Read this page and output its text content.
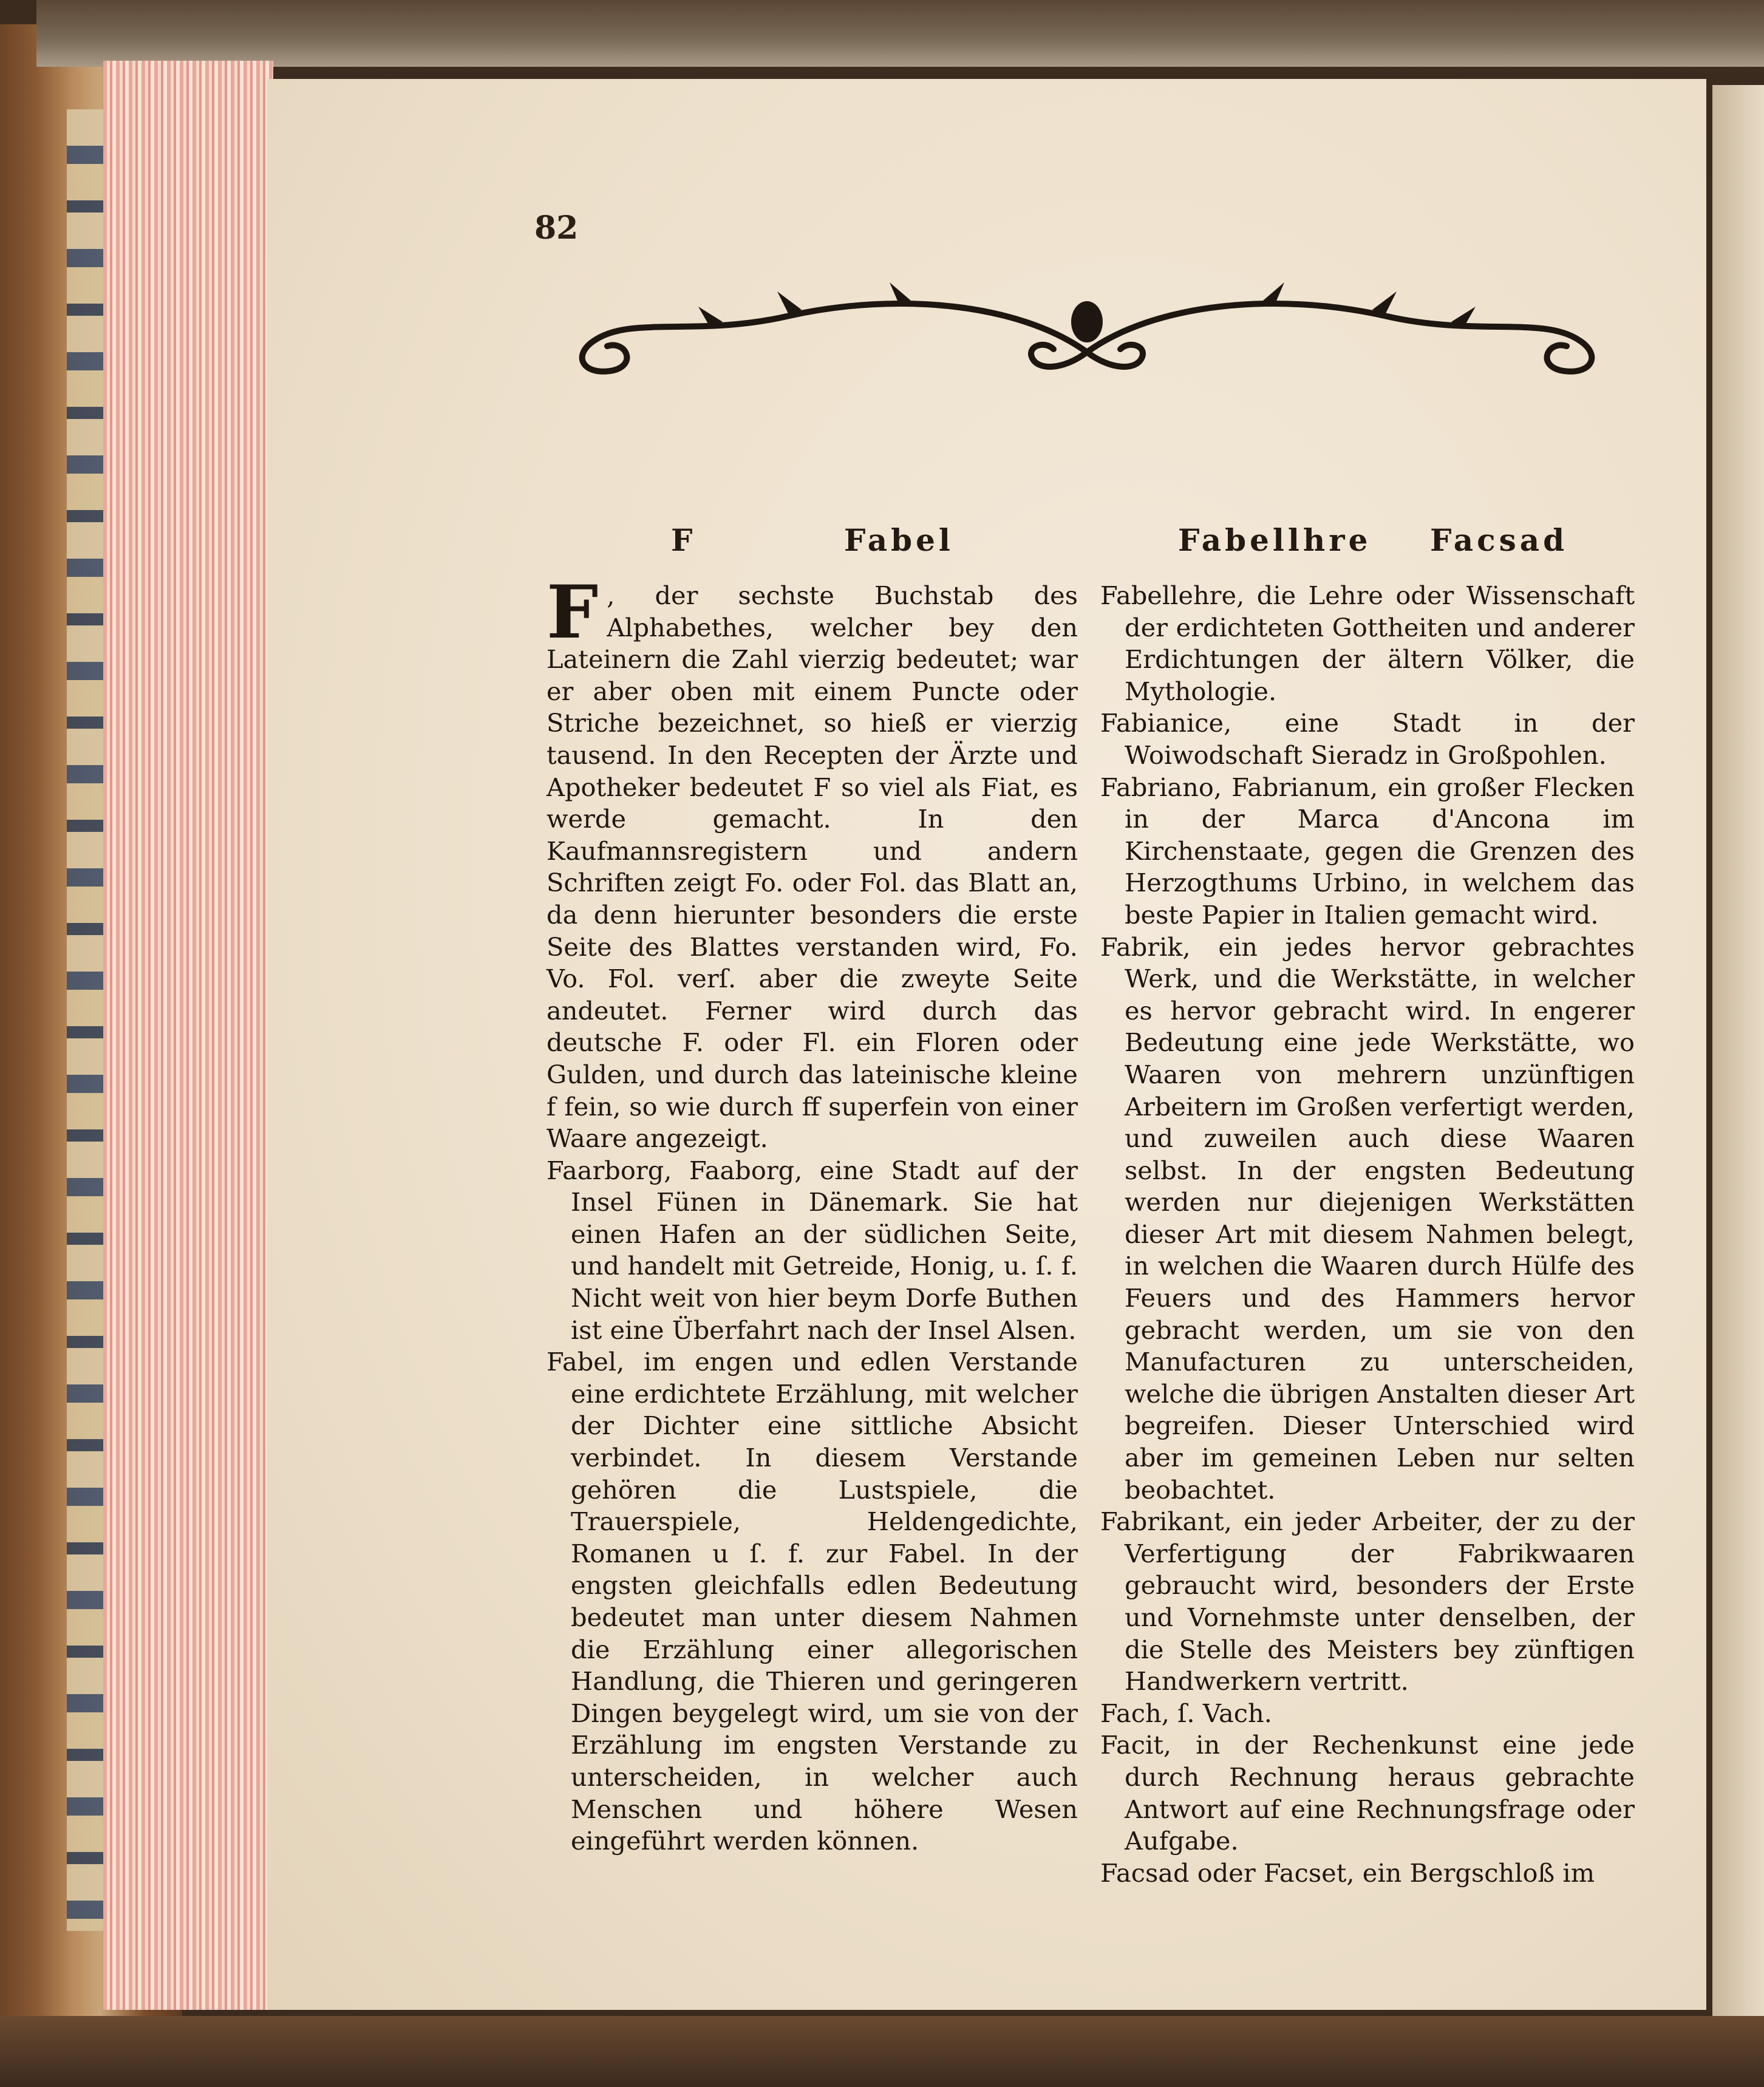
82
F	Fabel	Fabellhre Facsad

F , der sechste Buchstab des Alphabethes, welcher bey den Lateinern die Zahl vierzig bedeutet; war er aber oben mit einem Puncte oder Striche bezeichnet, so hieß er vierzig tausend. In den Recepten der Ärzte und Apotheker bedeutet F so viel als Fiat, es werde gemacht. In den Kaufmannsregistern und andern Schriften zeigt Fo. oder Fol. das Blatt an, da denn hierunter besonders die erste Seite des Blattes verstanden wird, Fo. Vo. Fol. verſ. aber die zweyte Seite andeutet. Ferner wird durch das deutsche F. oder Fl. ein Floren oder Gulden, und durch das lateinische kleine f fein, so wie durch ff superfein von einer Waare angezeigt.

Faarborg, Faaborg, eine Stadt auf der Insel Fünen in Dänemark. Sie hat einen Hafen an der südlichen Seite, und handelt mit Getreide, Honig, u. ſ. f. Nicht weit von hier beym Dorfe Buthen ist eine Überfahrt nach der Insel Alsen.

Fabel, im engen und edlen Verstande eine erdichtete Erzählung, mit welcher der Dichter eine sittliche Absicht verbindet. In diesem Verstande gehören die Lustspiele, die Trauerspiele, Heldengedichte, Romanen u ſ. f. zur Fabel. In der engsten gleichfalls edlen Bedeutung bedeutet man unter diesem Nahmen die Erzählung einer allegorischen Handlung, die Thieren und geringeren Dingen beygelegt wird, um sie von der Erzählung im engsten Verstande zu unterscheiden, in welcher auch Menschen und höhere Wesen eingeführt werden können.

Fabellehre, die Lehre oder Wissenschaft der erdichteten Gottheiten und anderer Erdichtungen der ältern Völker, die Mythologie.

Fabianice, eine Stadt in der Woiwodschaft Sieradz in Großpohlen.

Fabriano, Fabrianum, ein großer Flecken in der Marca d'Ancona im Kirchenstaate, gegen die Grenzen des Herzogthums Urbino, in welchem das beste Papier in Italien gemacht wird.

Fabrik, ein jedes hervor gebrachtes Werk, und die Werkstätte, in welcher es hervor gebracht wird. In engerer Bedeutung eine jede Werkstätte, wo Waaren von mehrern unzünftigen Arbeitern im Großen verfertigt werden, und zuweilen auch diese Waaren selbst. In der engsten Bedeutung werden nur diejenigen Werkstätten dieser Art mit diesem Nahmen belegt, in welchen die Waaren durch Hülfe des Feuers und des Hammers hervor gebracht werden, um sie von den Manufacturen zu unterscheiden, welche die übrigen Anstalten dieser Art begreifen. Dieser Unterschied wird aber im gemeinen Leben nur selten beobachtet.

Fabrikant, ein jeder Arbeiter, der zu der Verfertigung der Fabrikwaaren gebraucht wird, besonders der Erste und Vornehmste unter denselben, der die Stelle des Meisters bey zünftigen Handwerkern vertritt.

Fach, ſ. Vach.

Facit, in der Rechenkunst eine jede durch Rechnung heraus gebrachte Antwort auf eine Rechnungsfrage oder Aufgabe.

Facsad oder Facset, ein Bergschloß im
